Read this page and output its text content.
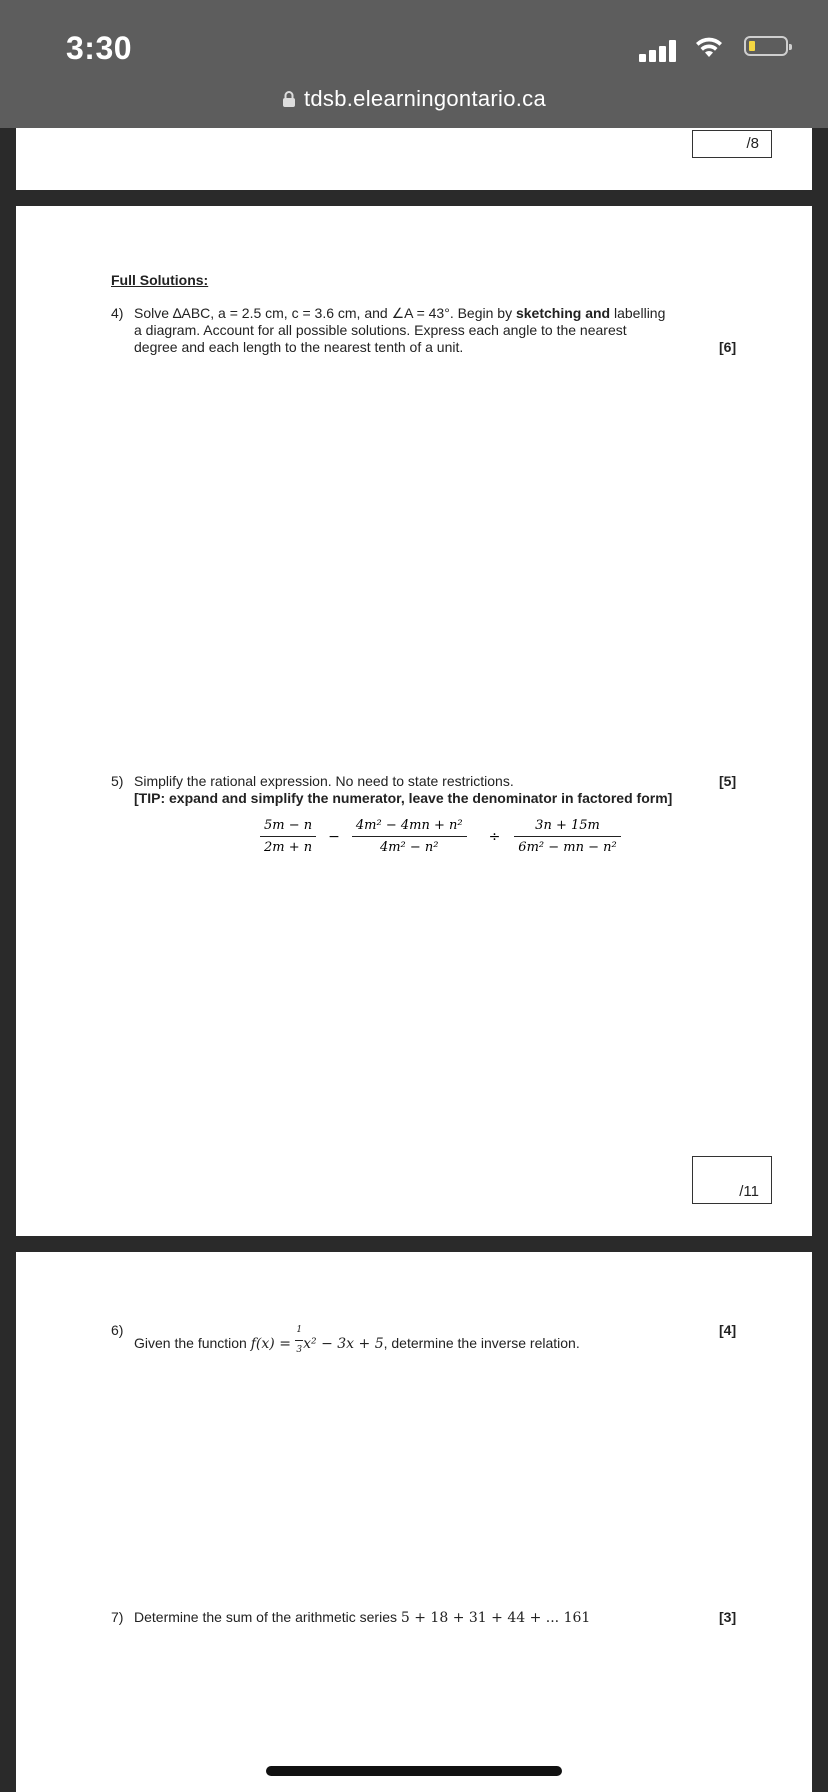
3:30
tdsb.elearningontario.ca
/8
Full Solutions:
4) Solve ∆ABC, a = 2.5 cm, c = 3.6 cm, and ∠A = 43°. Begin by sketching and labelling
a diagram. Account for all possible solutions. Express each angle to the nearest
degree and each length to the nearest tenth of a unit.	[6]
5) Simplify the rational expression. No need to state restrictions.
[TIP: expand and simplify the numerator, leave the denominator in factored form]
[5]
$\frac{5m - n}{2m + n} - \frac{\text{4m² − 4mn + n²}}{\text{4m² − n²}} \div \frac{3n + 15m}{\text{6m² − mn − n²}}$
/11
6)
Given the function $f(x) = \frac{1}{3} x^2 - 3x + 5$, determine the inverse relation.
[4]
7) Determine the sum of the arithmetic series 5 + 18 + 31 + 44 + ... 161	[3]
